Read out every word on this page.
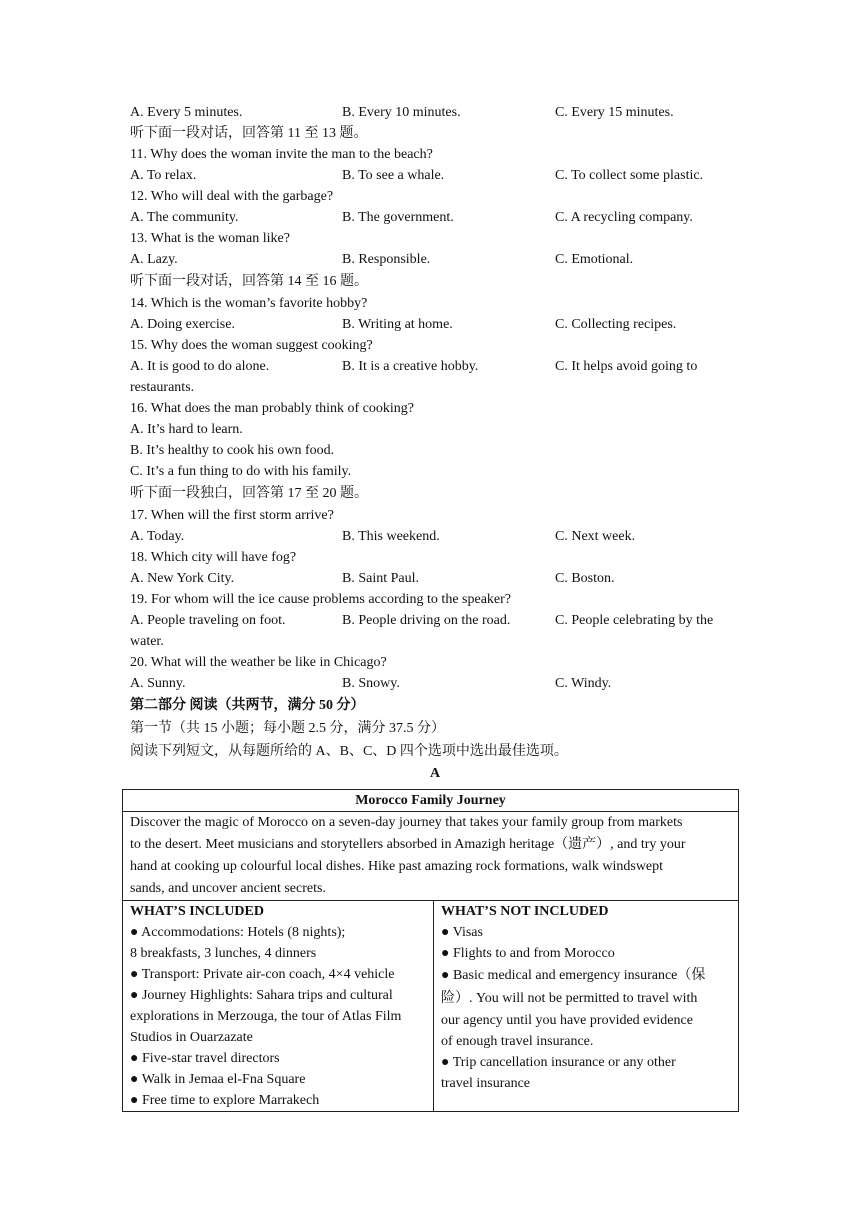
A. Every 5 minutes.	B. Every 10 minutes.	C. Every 15 minutes.
听下面一段对话，回答第 11 至 13 题。
11. Why does the woman invite the man to the beach?
A. To relax.	B. To see a whale.	C. To collect some plastic.
12. Who will deal with the garbage?
A. The community.	B. The government.	C. A recycling company.
13. What is the woman like?
A. Lazy.	B. Responsible.	C. Emotional.
听下面一段对话，回答第 14 至 16 题。
14. Which is the woman’s favorite hobby?
A. Doing exercise.	B. Writing at home.	C. Collecting recipes.
15. Why does the woman suggest cooking?
A. It is good to do alone.	B. It is a creative hobby.	C. It helps avoid going to
restaurants.
16. What does the man probably think of cooking?
A. It’s hard to learn.
B. It’s healthy to cook his own food.
C. It’s a fun thing to do with his family.
听下面一段独白，回答第 17 至 20 题。
17. When will the first storm arrive?
A. Today.	B. This weekend.	C. Next week.
18. Which city will have fog?
A. New York City.	B. Saint Paul.	C. Boston.
19. For whom will the ice cause problems according to the speaker?
A. People traveling on foot.	B. People driving on the road.	C. People celebrating by the
water.
20. What will the weather be like in Chicago?
A. Sunny.	B. Snowy.	C. Windy.
第二部分 阅读（共两节，满分 50 分）
第一节（共 15 小题；每小题 2.5 分，满分 37.5 分）
阅读下列短文，从每题所给的 A、B、C、D 四个选项中选出最佳选项。
A
Morocco Family Journey

Discover the magic of Morocco on a seven-day journey that takes your family group from markets
to the desert. Meet musicians and storytellers absorbed in Amazigh heritage（遗产）, and try your
hand at cooking up colourful local dishes. Hike past amazing rock formations, walk windswept
sands, and uncover ancient secrets.

WHAT’S INCLUDED
● Accommodations: Hotels (8 nights);
8 breakfasts, 3 lunches, 4 dinners
● Transport: Private air-con coach, 4×4 vehicle
● Journey Highlights: Sahara trips and cultural
explorations in Merzouga, the tour of Atlas Film
Studios in Ouarzazate
● Five-star travel directors
● Walk in Jemaa el-Fna Square
● Free time to explore Marrakech

WHAT’S NOT INCLUDED
● Visas
● Flights to and from Morocco
● Basic medical and emergency insurance（保
险）. You will not be permitted to travel with
our agency until you have provided evidence
of enough travel insurance.
● Trip cancellation insurance or any other
travel insurance
